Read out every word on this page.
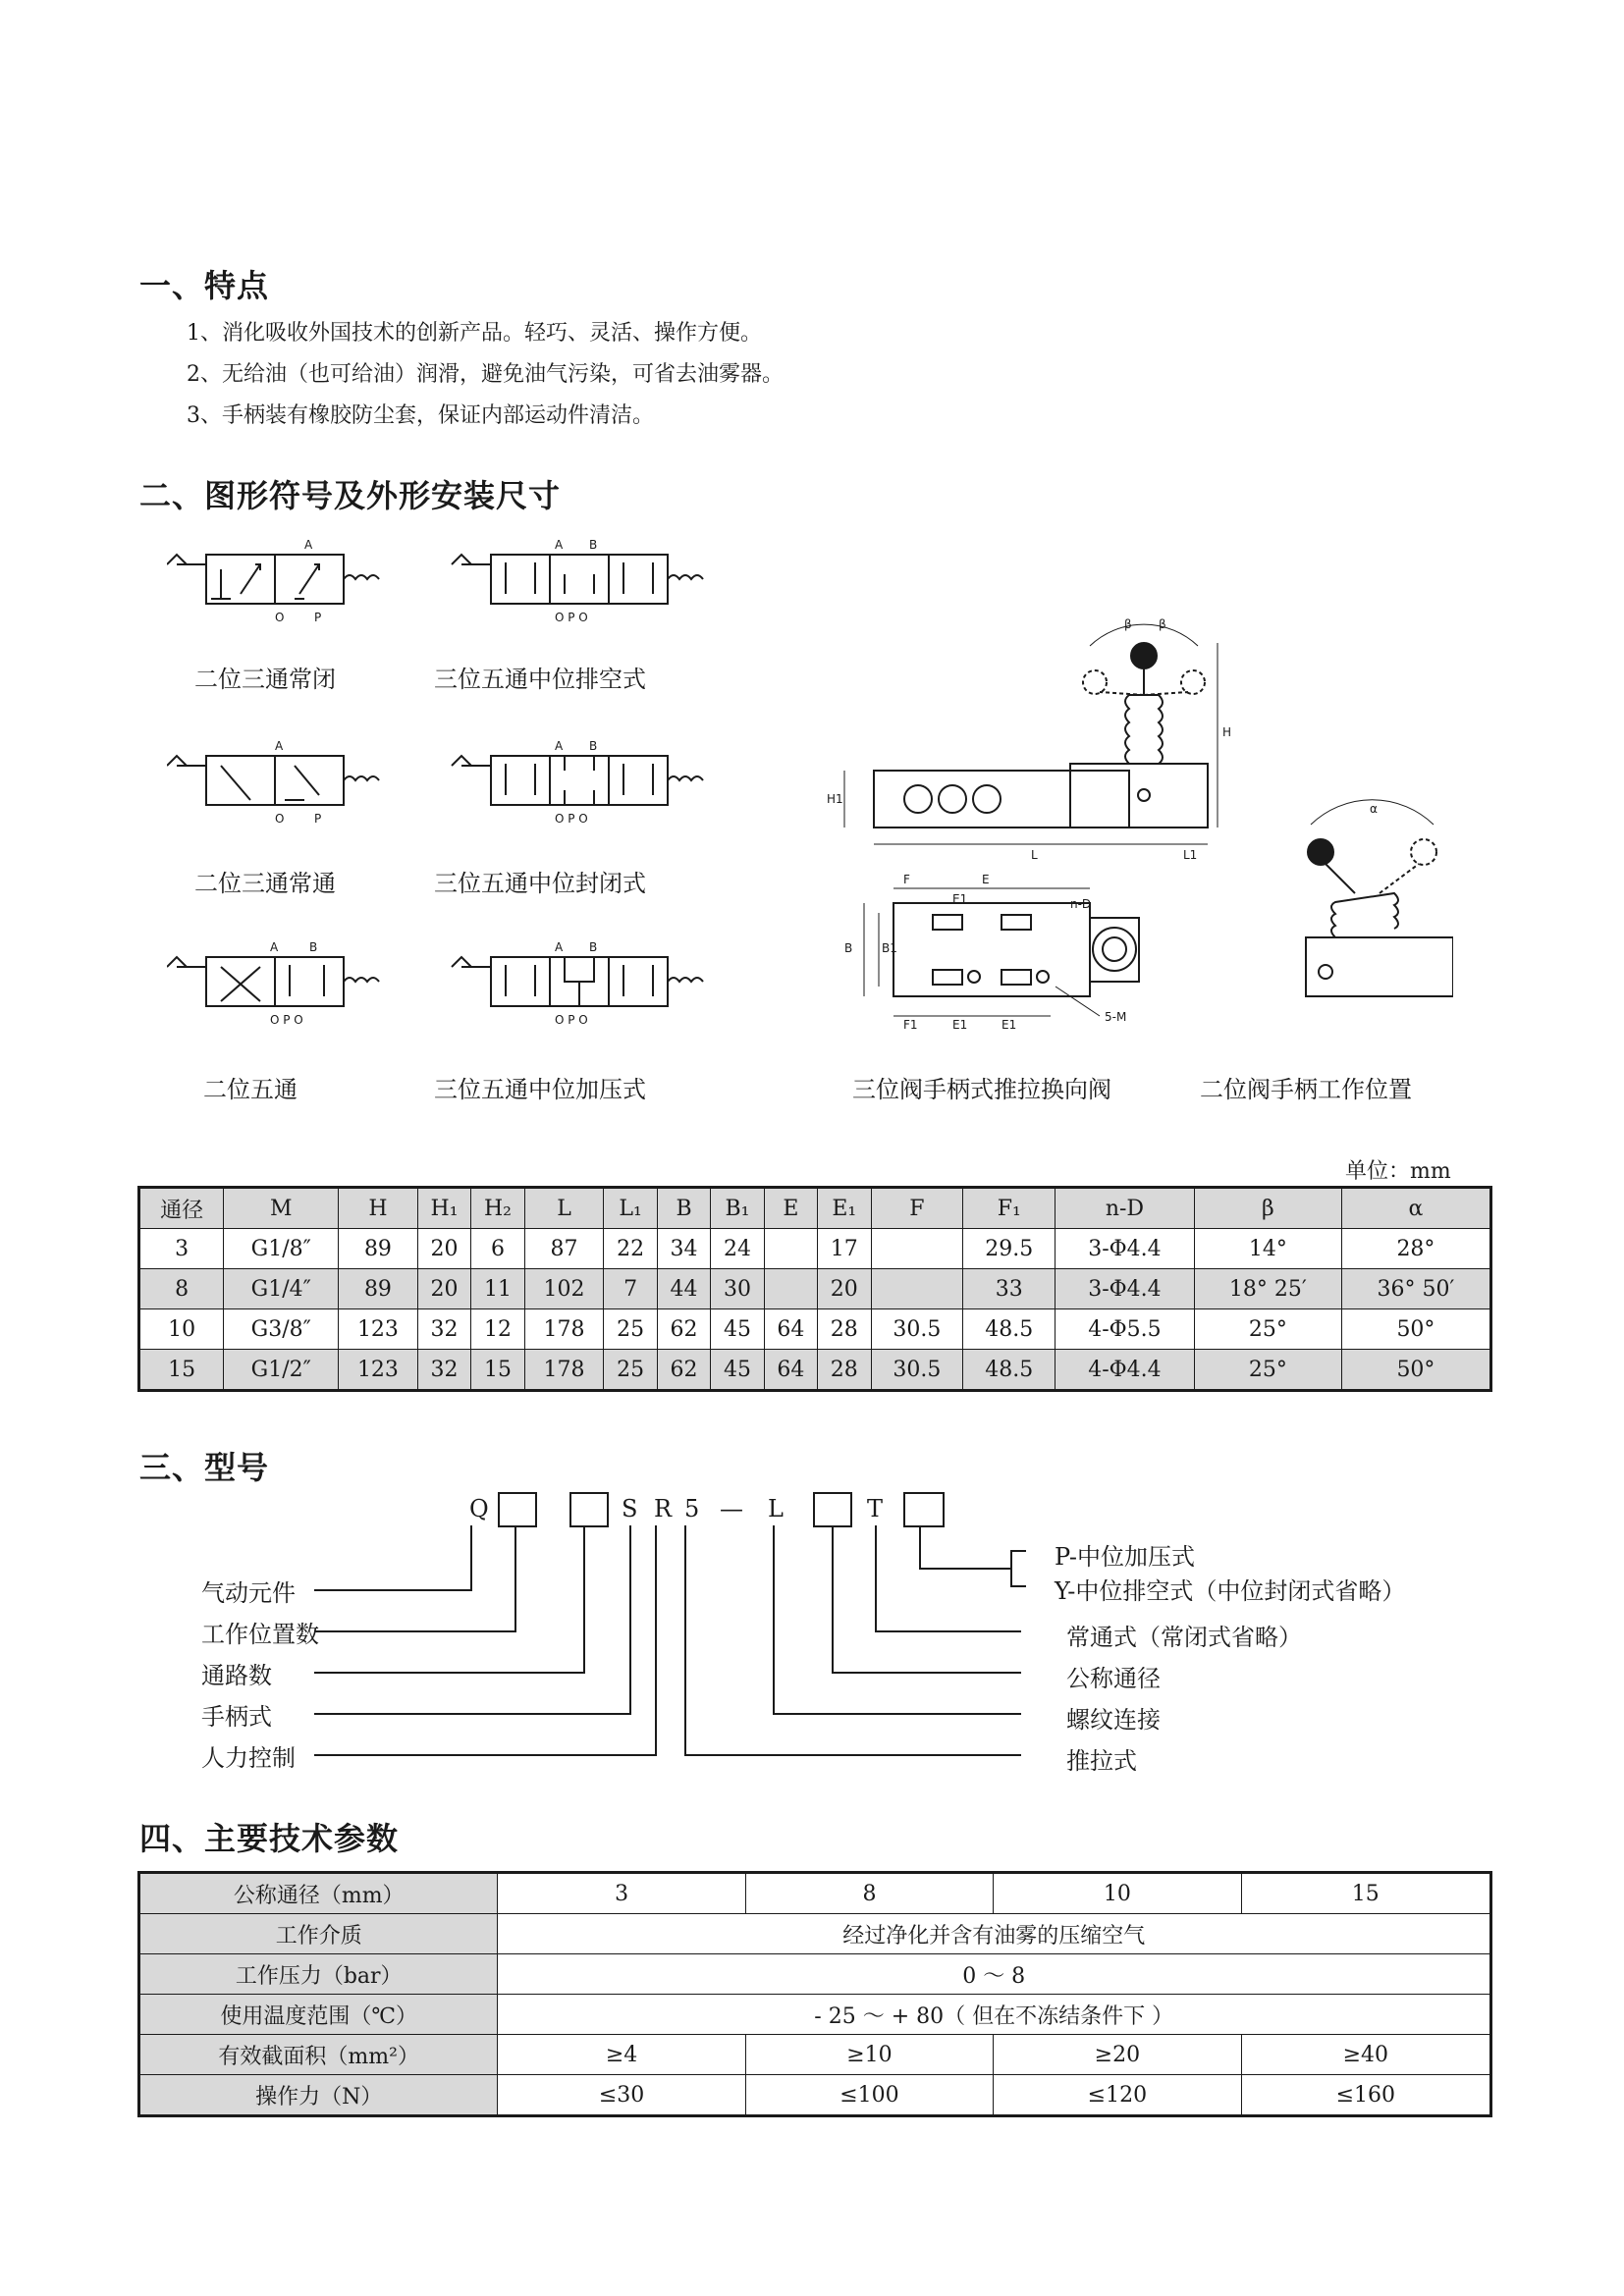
一、特点
1、消化吸收外国技术的创新产品。轻巧、灵活、操作方便。
2、无给油（也可给油）润滑，避免油气污染，可省去油雾器。
3、手柄装有橡胶防尘套，保证内部运动件清洁。
二、图形符号及外形安装尺寸
A
O	P
A B
O P O
A
O	P
A B
O P O
A	B
O P O
A B
O P O
二位三通常闭	三位五通中位排空式
二位三通常通	三位五通中位封闭式
二位五通	三位五通中位加压式
β β
H
H1
L	L1
F	E
E1	n-D
B B1
F1	E1	E1
5-M
α
三位阀手柄式推拉换向阀	二位阀手柄工作位置
单位：mm
通径	M	H	H₁	H₂	L	L₁	B	B₁	E	E₁	F	F₁	n-D	β	α
3	G1/8″	89	20	6	87	22	34	24		17		29.5	3-Φ4.4	14°	28°
8	G1/4″	89	20	11	102	7	44	30		20		33	3-Φ4.4	18° 25′	36° 50′
10	G3/8″	123	32	12	178	25	62	45	64	28	30.5	48.5	4-Φ5.5	25°	50°
15	G1/2″	123	32	15	178	25	62	45	64	28	30.5	48.5	4-Φ4.4	25°	50°
三、型号
Q	S R 5 — L	T
气动元件
工作位置数
通路数
手柄式
人力控制
P-中位加压式
Y-中位排空式（中位封闭式省略）
常通式（常闭式省略）
公称通径
螺纹连接
推拉式
四、主要技术参数
公称通径（mm）	3	8	10	15
工作介质	经过净化并含有油雾的压缩空气			
工作压力（bar）	0 ～ 8			
使用温度范围（℃）	- 25 ～ + 80（ 但在不冻结条件下 ）			
有效截面积（mm²）	≥4	≥10	≥20	≥40
操作力（N）	≤30	≤100	≤120	≤160
